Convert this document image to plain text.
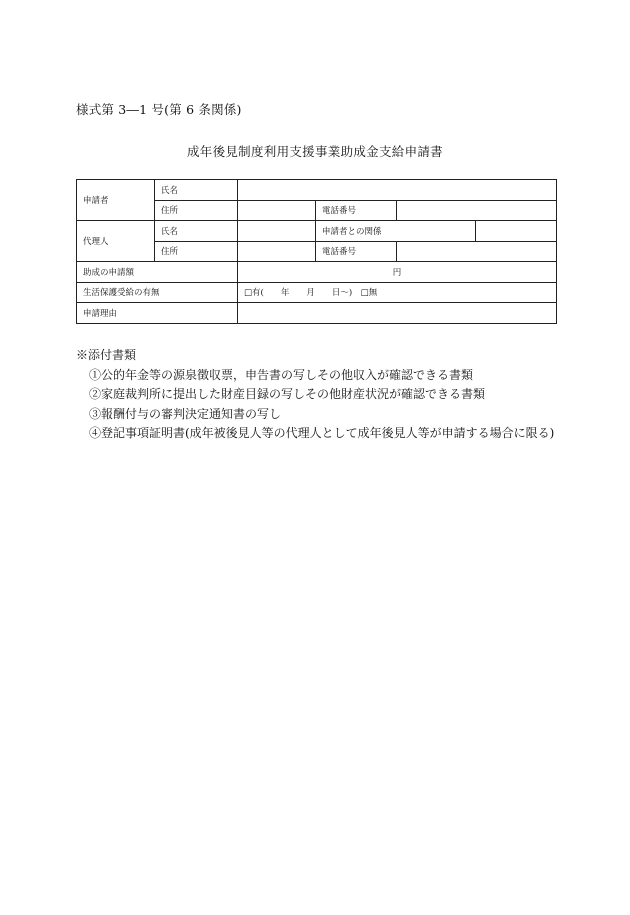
様式第 3―1 号(第 6 条関係)
成年後見制度利用支援事業助成金支給申請書
申請者	氏名				
	住所		電話番号		
代理人	氏名		申請者との関係		
	住所		電話番号		
助成の申請額		円			
生活保護受給の有無		□有(　　年　　月　　日～)　□無			
申請理由					
※添付書類
①公的年金等の源泉徴収票，申告書の写しその他収入が確認できる書類
②家庭裁判所に提出した財産目録の写しその他財産状況が確認できる書類
③報酬付与の審判決定通知書の写し
④登記事項証明書(成年被後見人等の代理人として成年後見人等が申請する場合に限る)
